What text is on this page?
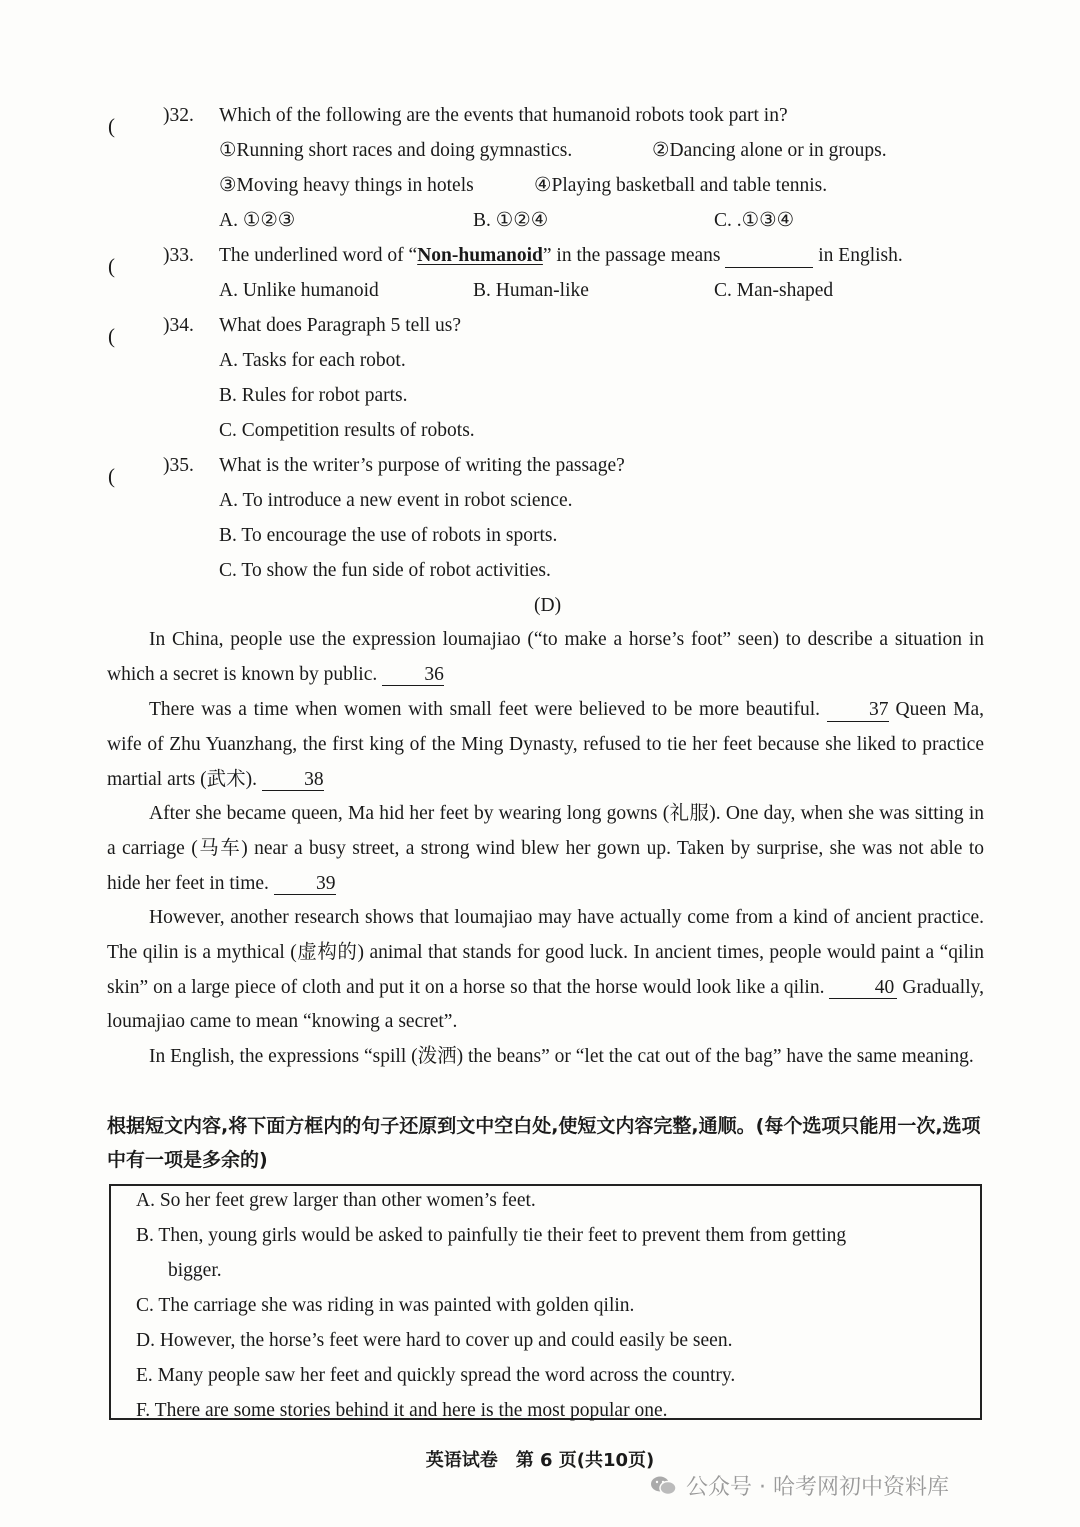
( )32. Which of the following are the events that humanoid robots took part in?
①Running short races and doing gymnastics.	②Dancing alone or in groups.
③Moving heavy things in hotels	④Playing basketball and table tennis.
A. ①②③	B. ①②④	C. .①③④
( )33. The underlined word of “Non-humanoid” in the passage means	in English.
A. Unlike humanoid	B. Human-like	C. Man-shaped
( )34. What does Paragraph 5 tell us?
A. Tasks for each robot.
B. Rules for robot parts.
C. Competition results of robots.
( )35. What is the writer’s purpose of writing the passage?
A. To introduce a new event in robot science.
B. To encourage the use of robots in sports.
C. To show the fun side of robot activities.
(D)
In China, people use the expression loumajiao (“to make a horse’s foot” seen) to describe a situation in which a secret is known by public. 36
There was a time when women with small feet were believed to be more beautiful.	37 Queen Ma, wife of Zhu Yuanzhang, the first king of the Ming Dynasty, refused to tie her feet because she liked to practice martial arts (武术). 38
After she became queen, Ma hid her feet by wearing long gowns (礼服). One day, when she was sitting in a carriage (马车) near a busy street, a strong wind blew her gown up. Taken by surprise, she was not able to hide her feet in time. 39
However, another research shows that loumajiao may have actually come from a kind of ancient practice. The qilin is a mythical (虚构的) animal that stands for good luck. In ancient times, people would paint a “qilin skin” on a large piece of cloth and put it on a horse so that the horse would look like a qilin.	40 Gradually, loumajiao came to mean “knowing a secret”.
In English, the expressions “spill (泼洒) the beans” or “let the cat out of the bag” have the same meaning.
根据短文内容,将下面方框内的句子还原到文中空白处,使短文内容完整,通顺。(每个选项只能用一次,选项中有一项是多余的)
A. So her feet grew larger than other women’s feet.
B. Then, young girls would be asked to painfully tie their feet to prevent them from getting
bigger.
C. The carriage she was riding in was painted with golden qilin.
D. However, the horse’s feet were hard to cover up and could easily be seen.
E. Many people saw her feet and quickly spread the word across the country.
F. There are some stories behind it and here is the most popular one.
英语试卷　第 6 页(共10页)
公众号 · 哈考网初中资料库
